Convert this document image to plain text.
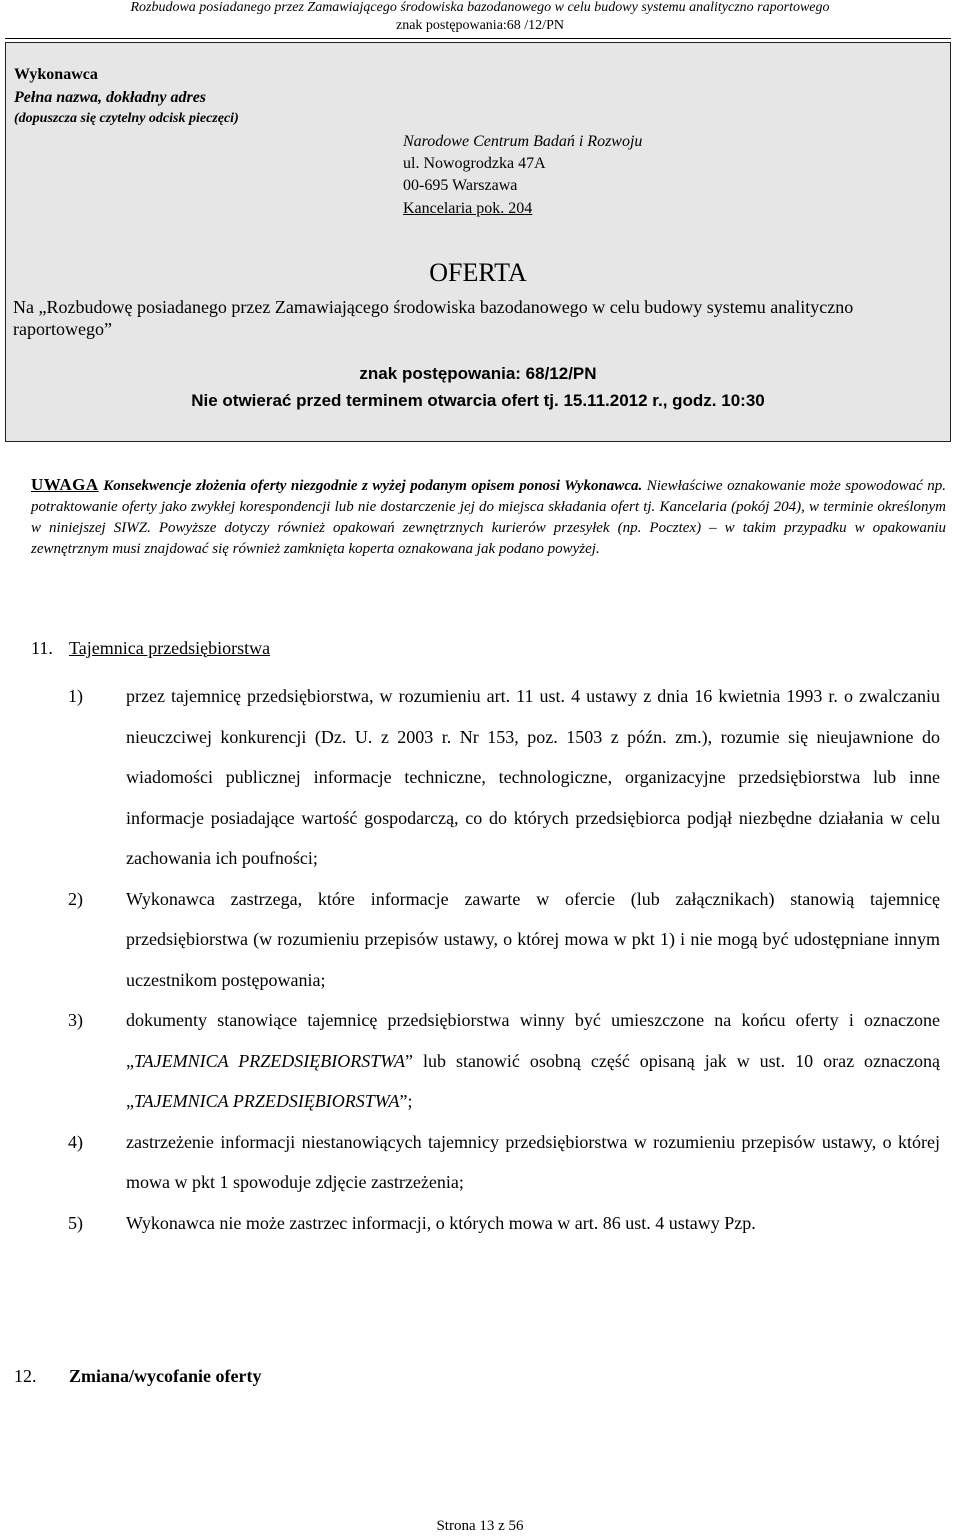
Rozbudowa posiadanego przez Zamawiającego środowiska bazodanowego w celu budowy systemu analityczno raportowego
znak postępowania:68 /12/PN
Wykonawca
Pełna nazwa, dokładny adres
(dopuszcza się czytelny odcisk pieczęci)
Narodowe Centrum Badań i Rozwoju
ul. Nowogrodzka 47A
00-695 Warszawa
Kancelaria pok. 204
OFERTA
Na „Rozbudowę posiadanego przez Zamawiającego środowiska bazodanowego w celu budowy systemu analityczno raportowego”
znak postępowania: 68/12/PN
Nie otwierać przed terminem otwarcia ofert tj. 15.11.2012 r., godz. 10:30
UWAGA Konsekwencje złożenia oferty niezgodnie z wyżej podanym opisem ponosi Wykonawca. Niewłaściwe oznakowanie może spowodować np. potraktowanie oferty jako zwykłej korespondencji lub nie dostarczenie jej do miejsca składania ofert tj. Kancelaria (pokój 204), w terminie określonym w niniejszej SIWZ. Powyższe dotyczy również opakowań zewnętrznych kurierów przesyłek (np. Pocztex) – w takim przypadku w opakowaniu zewnętrznym musi znajdować się również zamknięta koperta oznakowana jak podano powyżej.
11. Tajemnica przedsiębiorstwa
1)	przez tajemnicę przedsiębiorstwa, w rozumieniu art. 11 ust. 4 ustawy z dnia 16 kwietnia 1993 r. o zwalczaniu nieuczciwej konkurencji (Dz. U. z 2003 r. Nr 153, poz. 1503 z późn. zm.), rozumie się nieujawnione do wiadomości publicznej informacje techniczne, technologiczne, organizacyjne przedsiębiorstwa lub inne informacje posiadające wartość gospodarczą, co do których przedsiębiorca podjął niezbędne działania w celu zachowania ich poufności;
2)	Wykonawca zastrzega, które informacje zawarte w ofercie (lub załącznikach) stanowią tajemnicę przedsiębiorstwa (w rozumieniu przepisów ustawy, o której mowa w pkt 1) i nie mogą być udostępniane innym uczestnikom postępowania;
3)	dokumenty stanowiące tajemnicę przedsiębiorstwa winny być umieszczone na końcu oferty i oznaczone „TAJEMNICA PRZEDSIĘBIORSTWA” lub stanowić osobną część opisaną jak w ust. 10 oraz oznaczoną „TAJEMNICA PRZEDSIĘBIORSTWA”;
4)	zastrzeżenie informacji niestanowiących tajemnicy przedsiębiorstwa w rozumieniu przepisów ustawy, o której mowa w pkt 1 spowoduje zdjęcie zastrzeżenia;
5)	Wykonawca nie może zastrzec informacji, o których mowa w art. 86 ust. 4 ustawy Pzp.
12. Zmiana/wycofanie oferty
Strona 13 z 56
